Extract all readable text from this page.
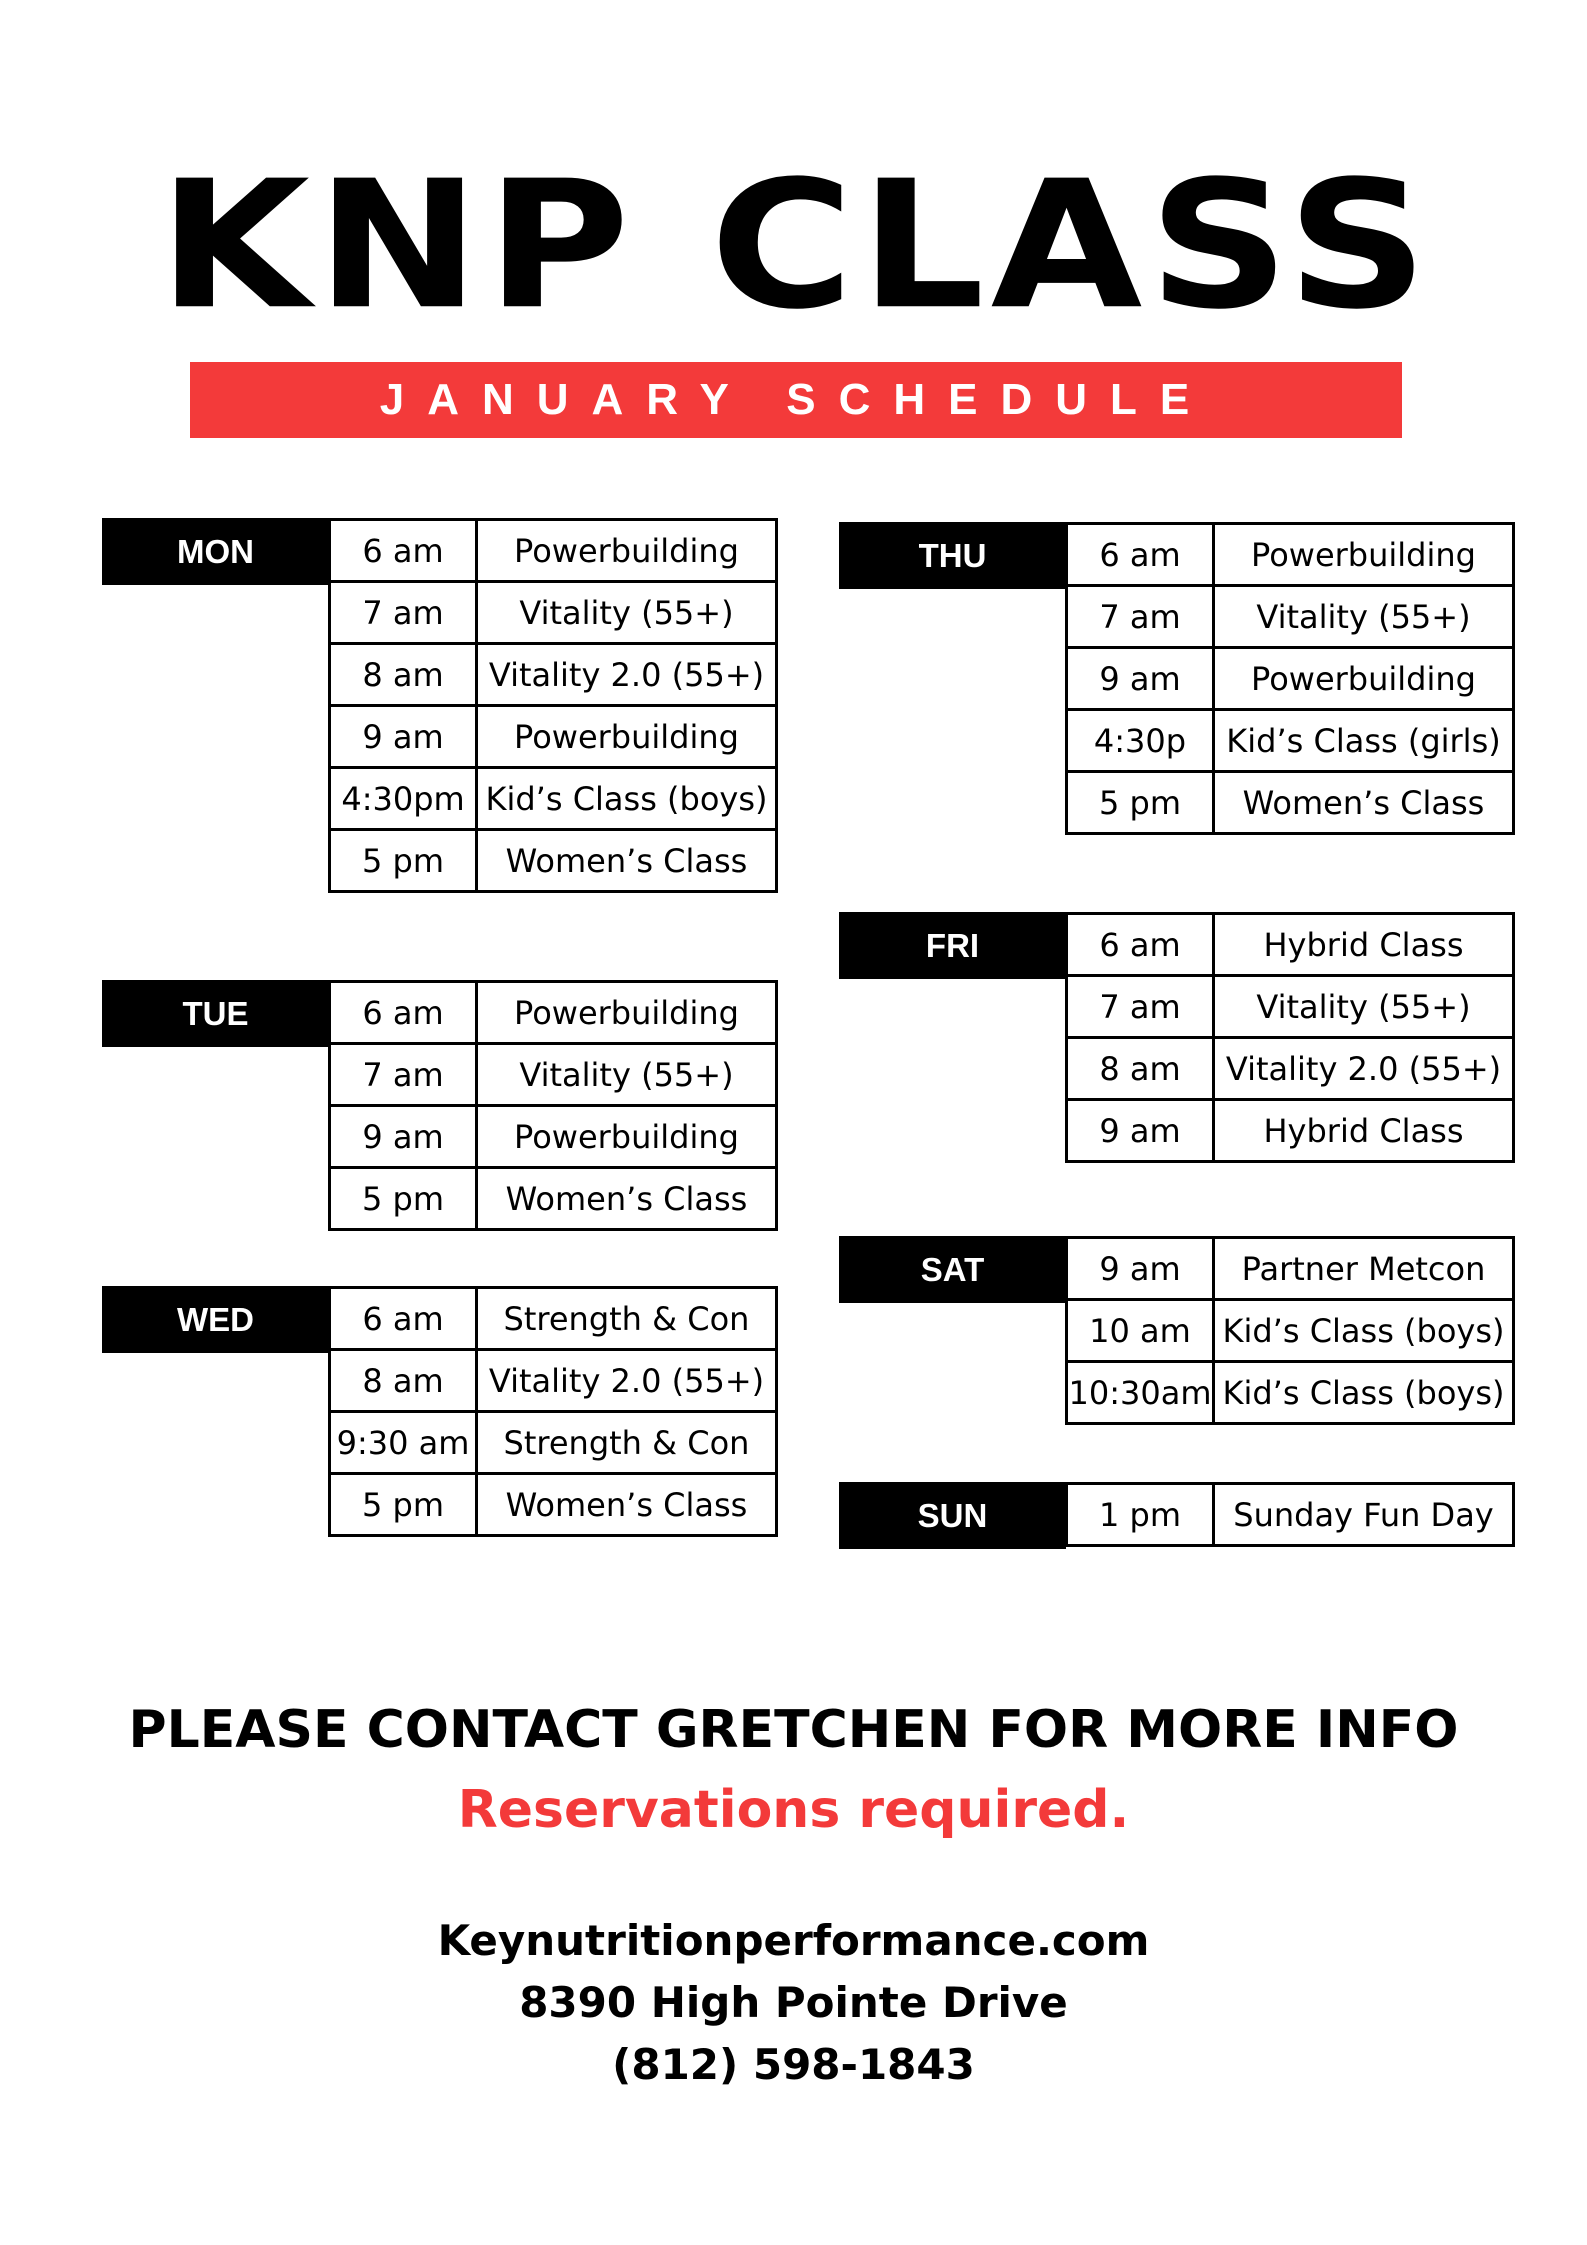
KNP CLASS
JANUARY SCHEDULE
MON	6 am	Powerbuilding
7 am	Vitality (55+)
8 am	Vitality 2.0 (55+)
9 am	Powerbuilding
4:30pm Kid’s Class (boys)
5 pm	Women’s Class
TUE	6 am	Powerbuilding
7 am	Vitality (55+)
9 am	Powerbuilding
5 pm	Women’s Class
WED	6 am	Strength & Con
8 am	Vitality 2.0 (55+)
9:30 am	Strength & Con
5 pm	Women’s Class
THU	6 am	Powerbuilding
7 am	Vitality (55+)
9 am	Powerbuilding
4:30p	Kid’s Class (girls)
5 pm	Women’s Class
FRI	6 am	Hybrid Class
7 am	Vitality (55+)
8 am	Vitality 2.0 (55+)
9 am	Hybrid Class
SAT	9 am	Partner Metcon
10 am Kid’s Class (boys)
10:30am Kid’s Class (boys)
SUN	1 pm	Sunday Fun Day
PLEASE CONTACT GRETCHEN FOR MORE INFO
Reservations required.
Keynutritionperformance.com
8390 High Pointe Drive
(812) 598-1843
